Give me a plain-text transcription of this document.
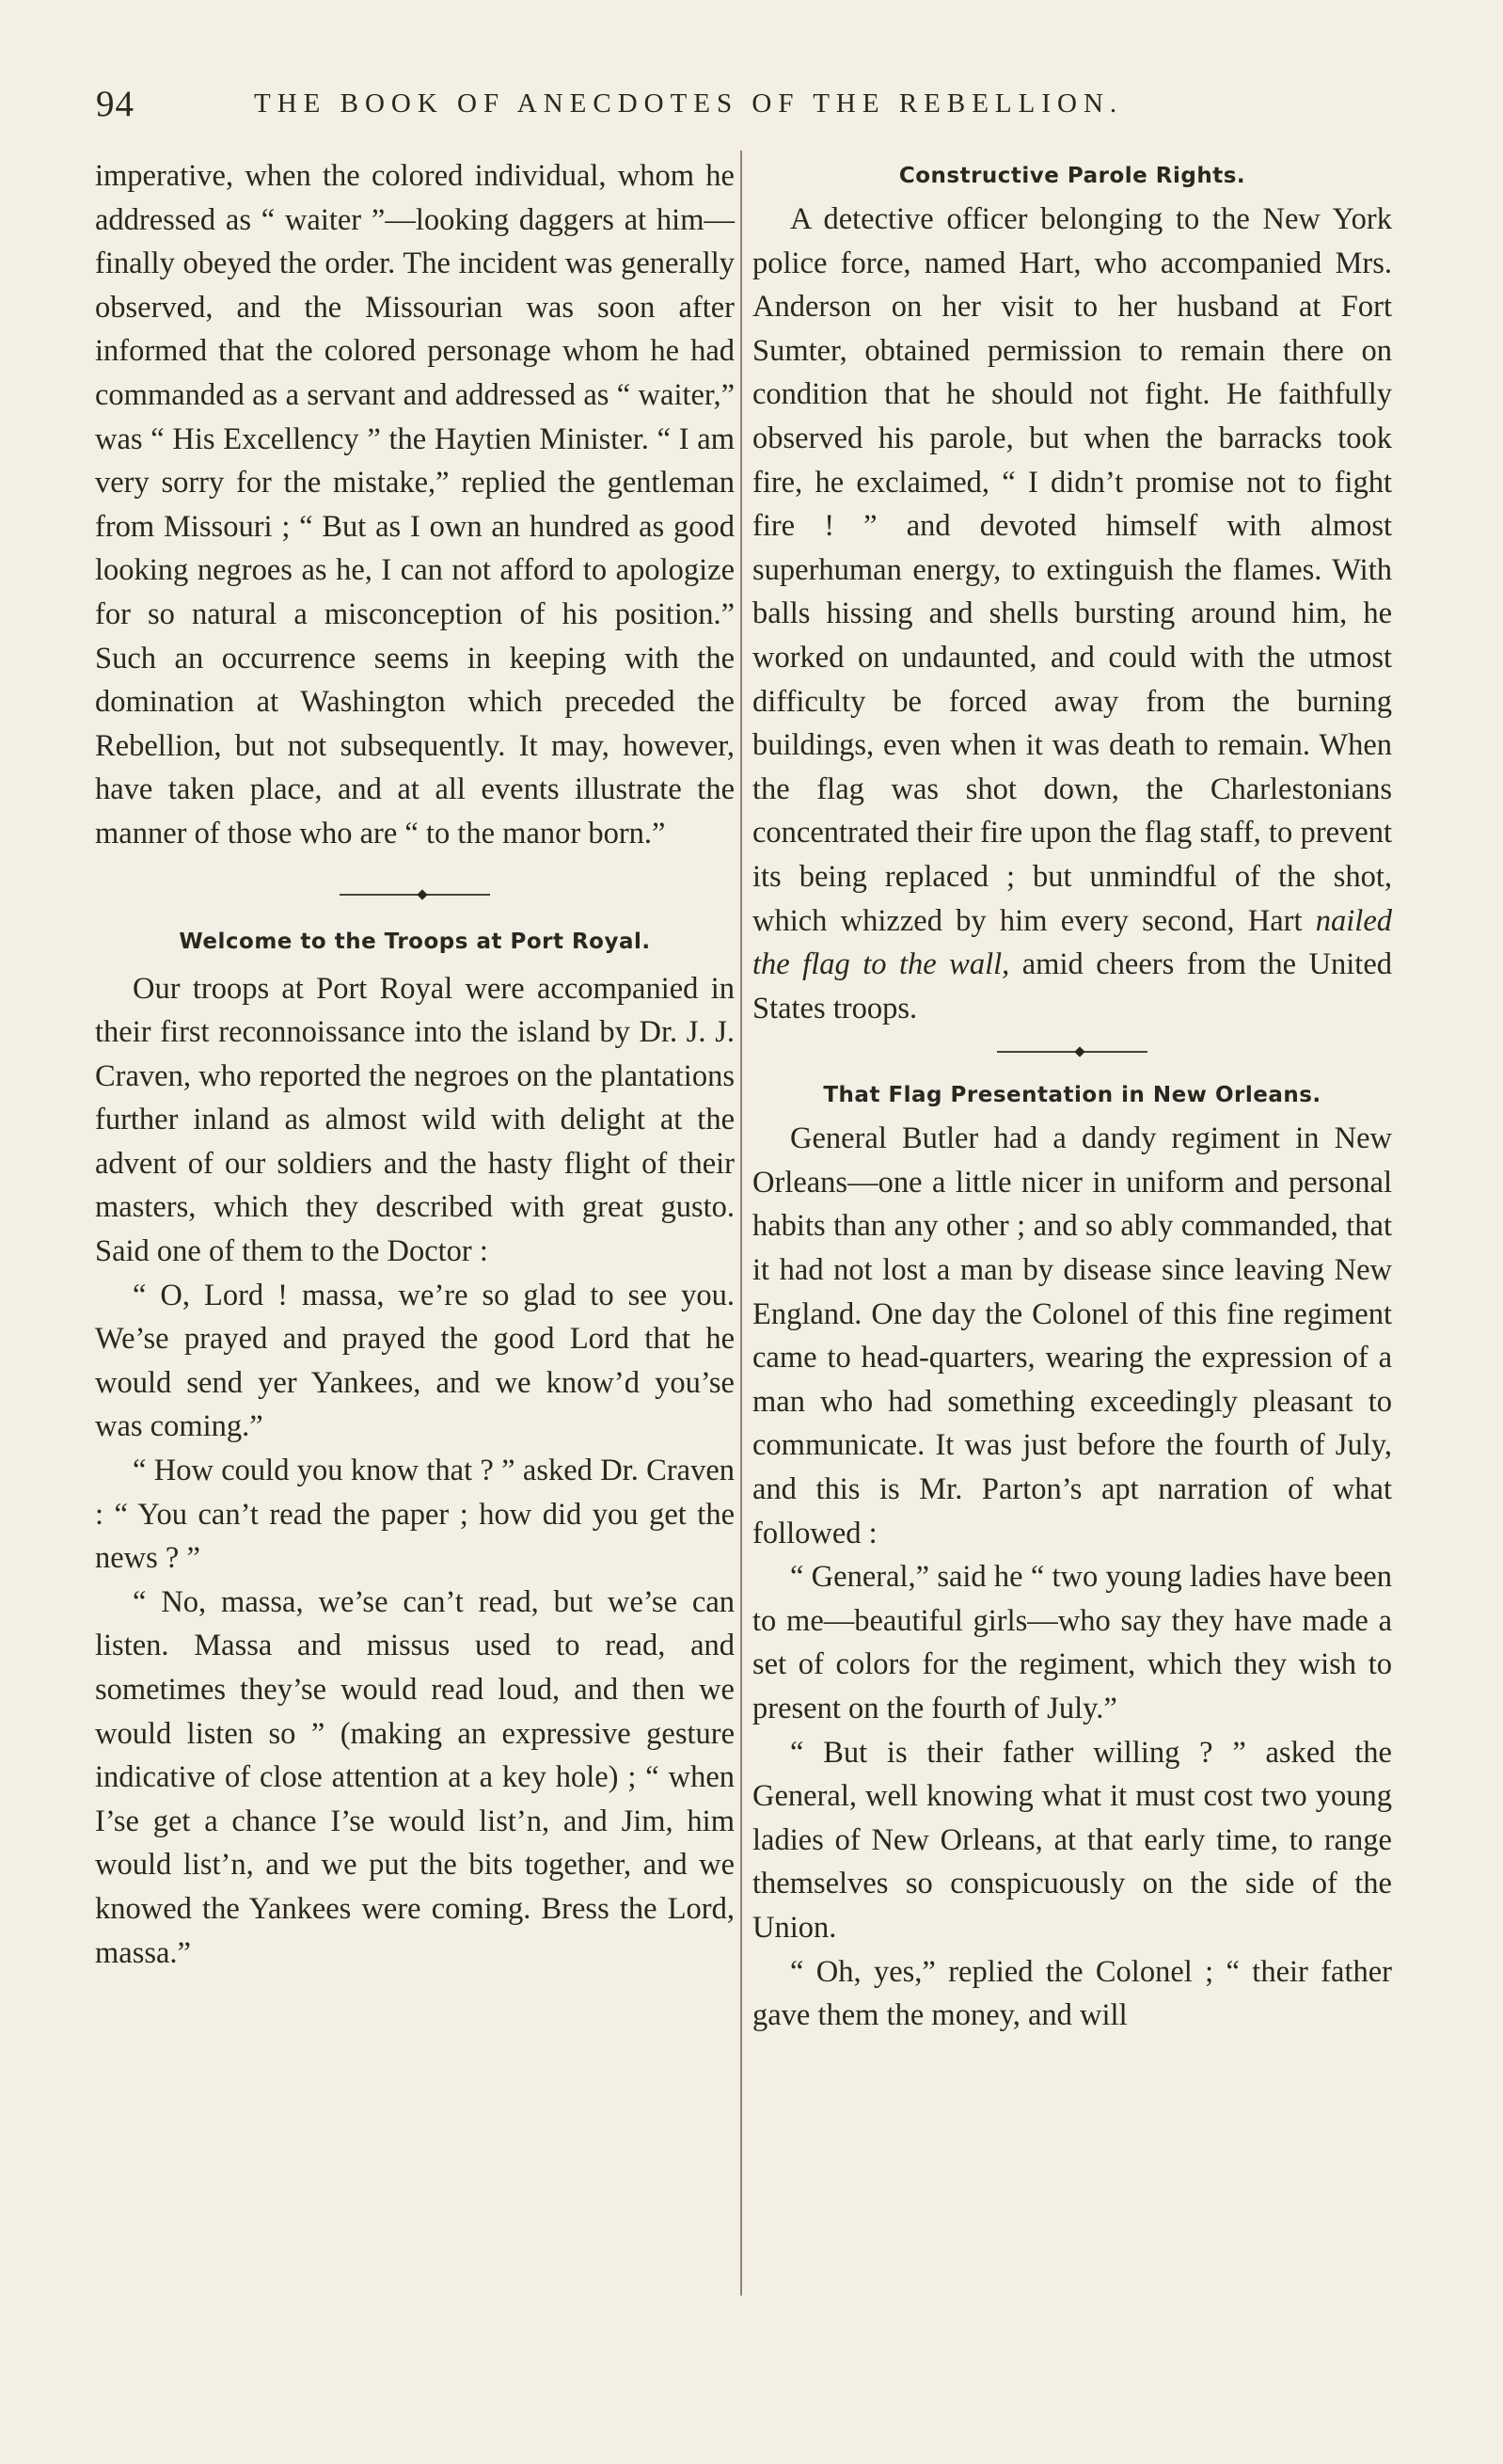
94	THE BOOK OF ANECDOTES OF THE REBELLION.

imperative, when the colored individual, whom he addressed as “ waiter ”—looking daggers at him—finally obeyed the order. The incident was generally observed, and the Missourian was soon after informed that the colored personage whom he had commanded as a servant and addressed as “ waiter,” was “ His Excellency ” the Haytien Minister. “ I am very sorry for the mistake,” replied the gentleman from Missouri ; “ But as I own an hundred as good looking negroes as he, I can not afford to apologize for so natural a misconception of his position.” Such an occurrence seems in keeping with the domination at Washington which preceded the Rebellion, but not subsequently. It may, however, have taken place, and at all events illustrate the manner of those who are “ to the manor born.”

Welcome to the Troops at Port Royal.

Our troops at Port Royal were accompanied in their first reconnoissance into the island by Dr. J. J. Craven, who reported the negroes on the plantations further inland as almost wild with delight at the advent of our soldiers and the hasty flight of their masters, which they described with great gusto. Said one of them to the Doctor :

“ O, Lord ! massa, we’re so glad to see you. We’se prayed and prayed the good Lord that he would send yer Yankees, and we know’d you’se was coming.”

“ How could you know that ? ” asked Dr. Craven : “ You can’t read the paper ; how did you get the news ? ”

“ No, massa, we’se can’t read, but we’se can listen. Massa and missus used to read, and sometimes they’se would read loud, and then we would listen so ” (making an expressive gesture indicative of close attention at a key hole) ; “ when I’se get a chance I’se would list’n, and Jim, him would list’n, and we put the bits together, and we knowed the Yankees were coming. Bress the Lord, massa.”

Constructive Parole Rights.

A detective officer belonging to the New York police force, named Hart, who accompanied Mrs. Anderson on her visit to her husband at Fort Sumter, obtained permission to remain there on condition that he should not fight. He faithfully observed his parole, but when the barracks took fire, he exclaimed, “ I didn’t promise not to fight fire ! ” and devoted himself with almost superhuman energy, to extinguish the flames. With balls hissing and shells bursting around him, he worked on undaunted, and could with the utmost difficulty be forced away from the burning buildings, even when it was death to remain. When the flag was shot down, the Charlestonians concentrated their fire upon the flag staff, to prevent its being replaced ; but unmindful of the shot, which whizzed by him every second, Hart nailed the flag to the wall, amid cheers from the United States troops.

That Flag Presentation in New Orleans.

General Butler had a dandy regiment in New Orleans—one a little nicer in uniform and personal habits than any other ; and so ably commanded, that it had not lost a man by disease since leaving New England. One day the Colonel of this fine regiment came to head-quarters, wearing the expression of a man who had something exceedingly pleasant to communicate. It was just before the fourth of July, and this is Mr. Parton’s apt narration of what followed :

“ General,” said he “ two young ladies have been to me—beautiful girls—who say they have made a set of colors for the regiment, which they wish to present on the fourth of July.”

“ But is their father willing ? ” asked the General, well knowing what it must cost two young ladies of New Orleans, at that early time, to range themselves so conspicuously on the side of the Union.

“ Oh, yes,” replied the Colonel ; “ their father gave them the money, and will
